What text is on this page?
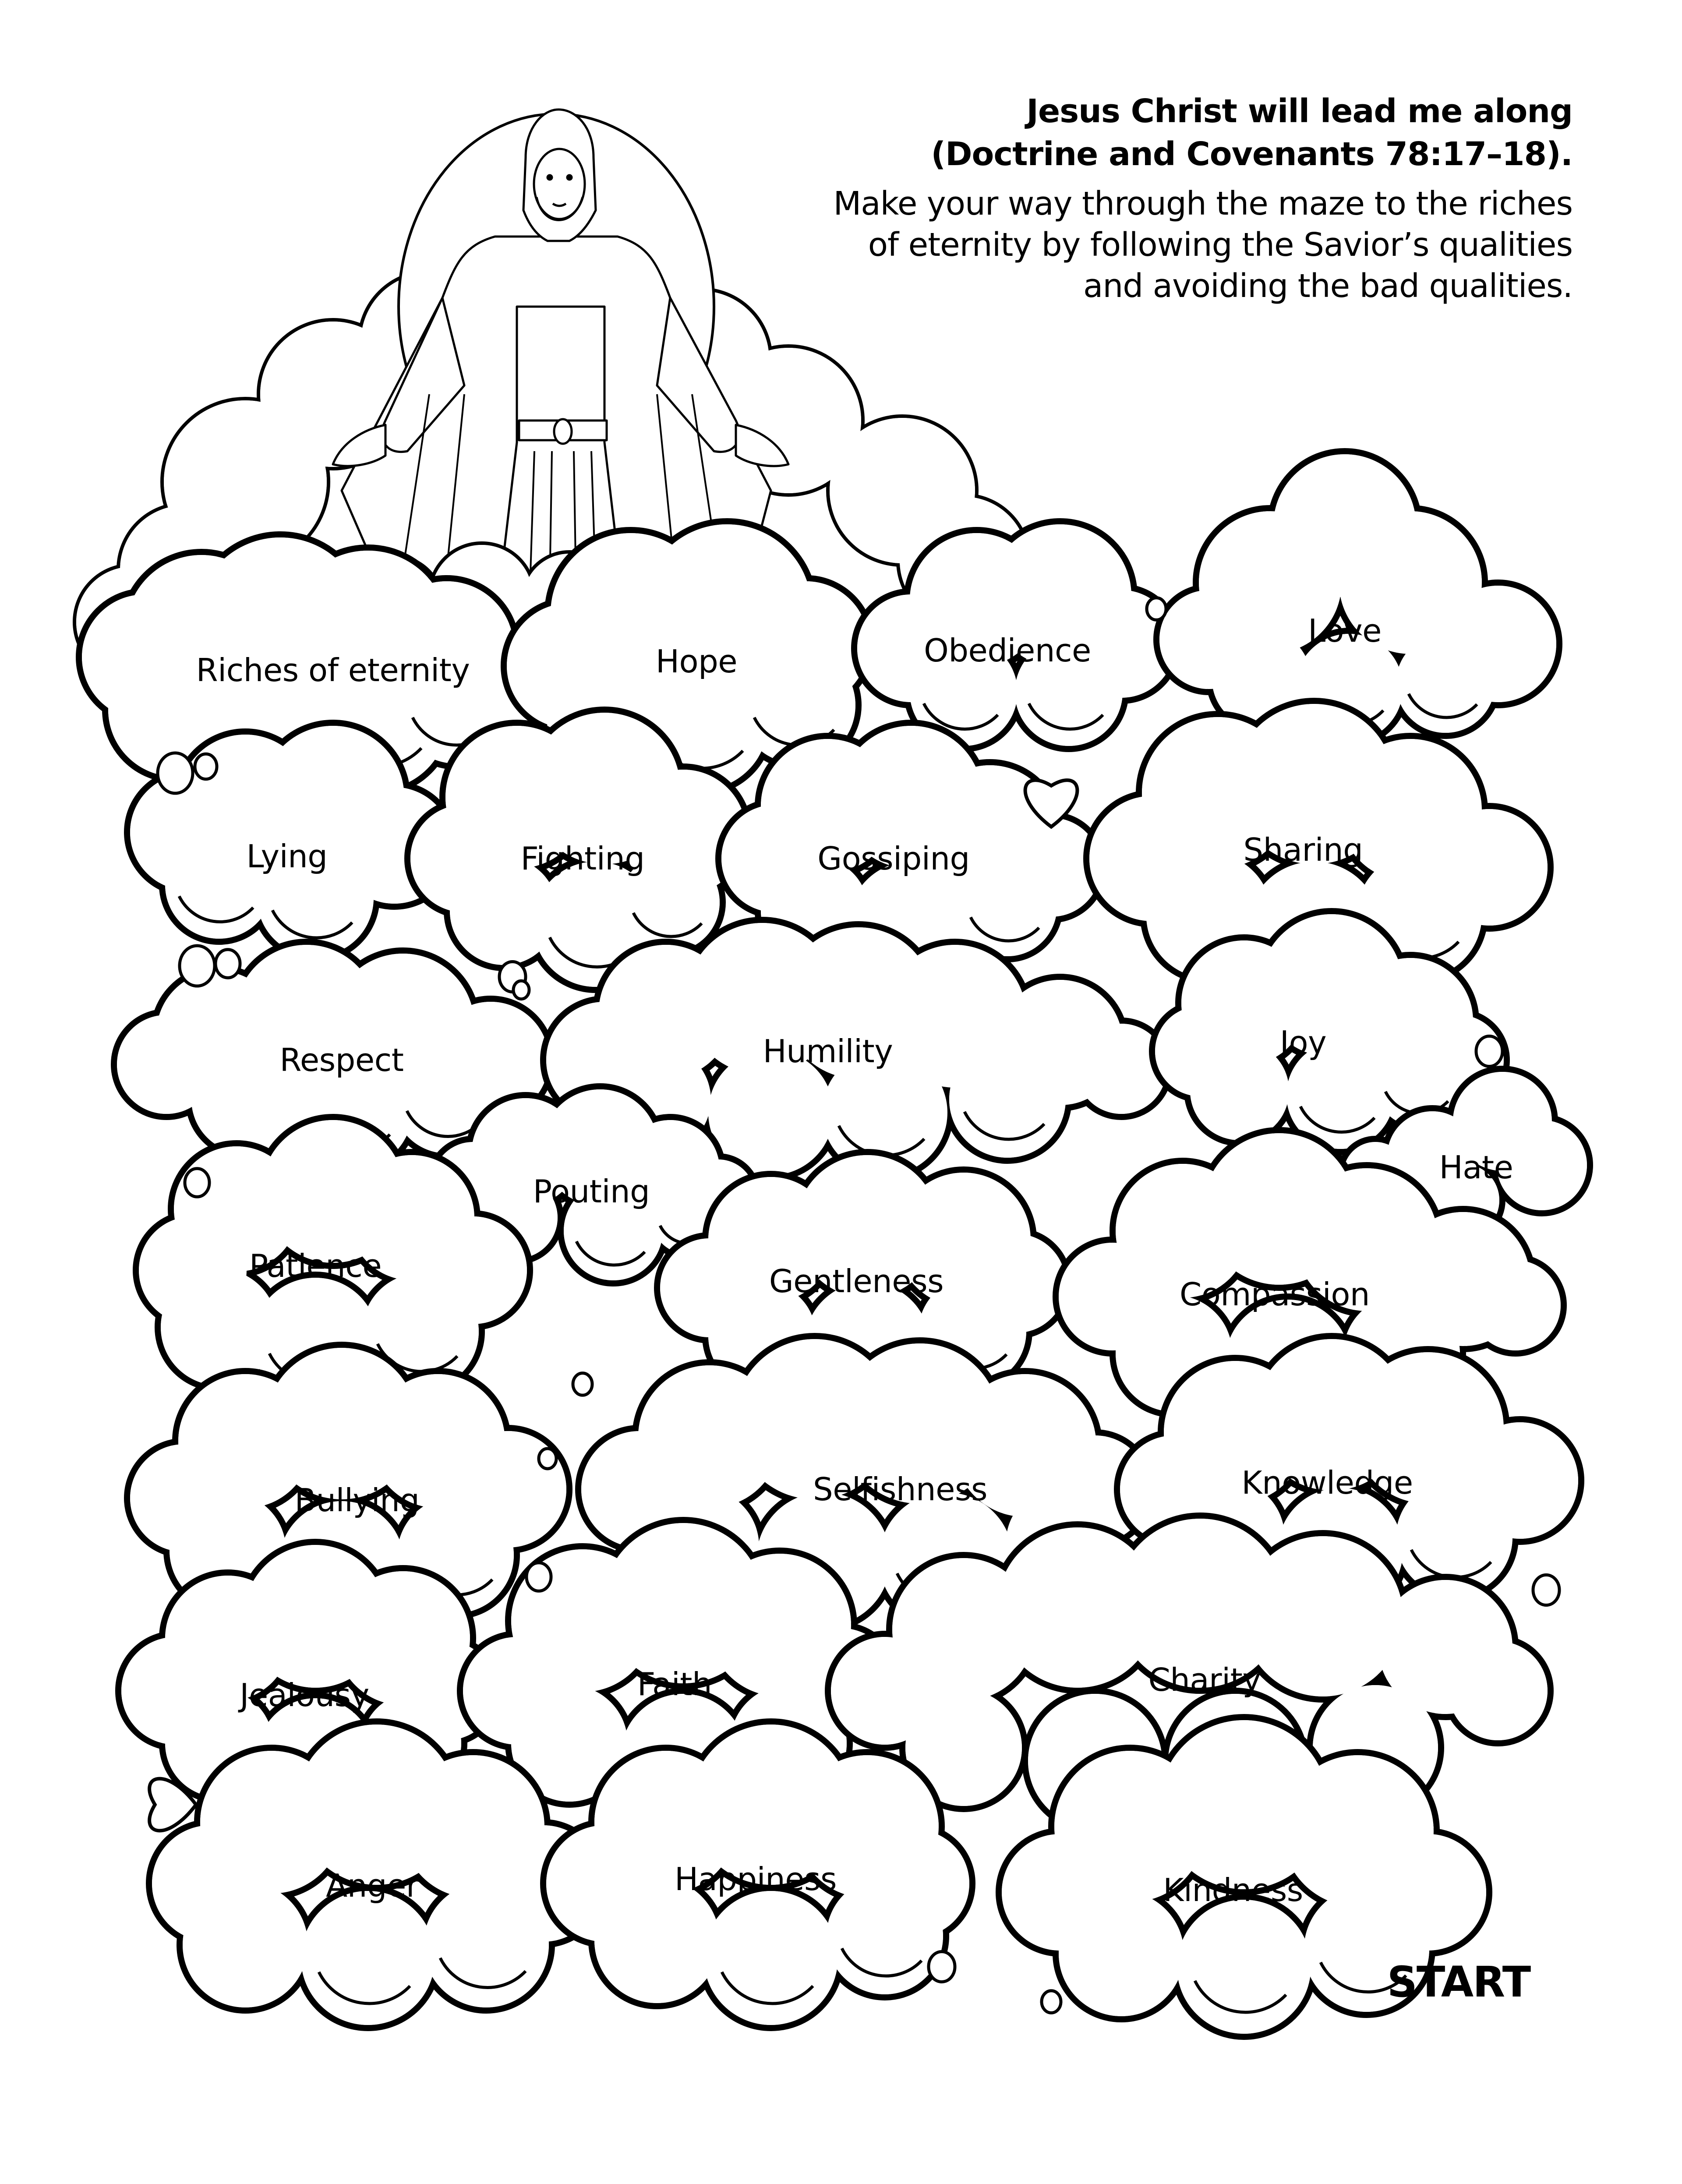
Jesus Christ will lead me along
(Doctrine and Covenants 78:17–18).
Make your way through the maze to the riches
of eternity by following the Savior’s qualities
and avoiding the bad qualities.
Riches of eternity	Hope	Obedience
Love
Lying	Fighting	Gossiping	Sharing
Respect	Humility	Joy
Pouting
Hate
Patience	Gentleness	Compassion
Bullying	Selfishness	Knowledge
Jealousy	Faith	Charity
Anger	Happiness	Kindness
START
